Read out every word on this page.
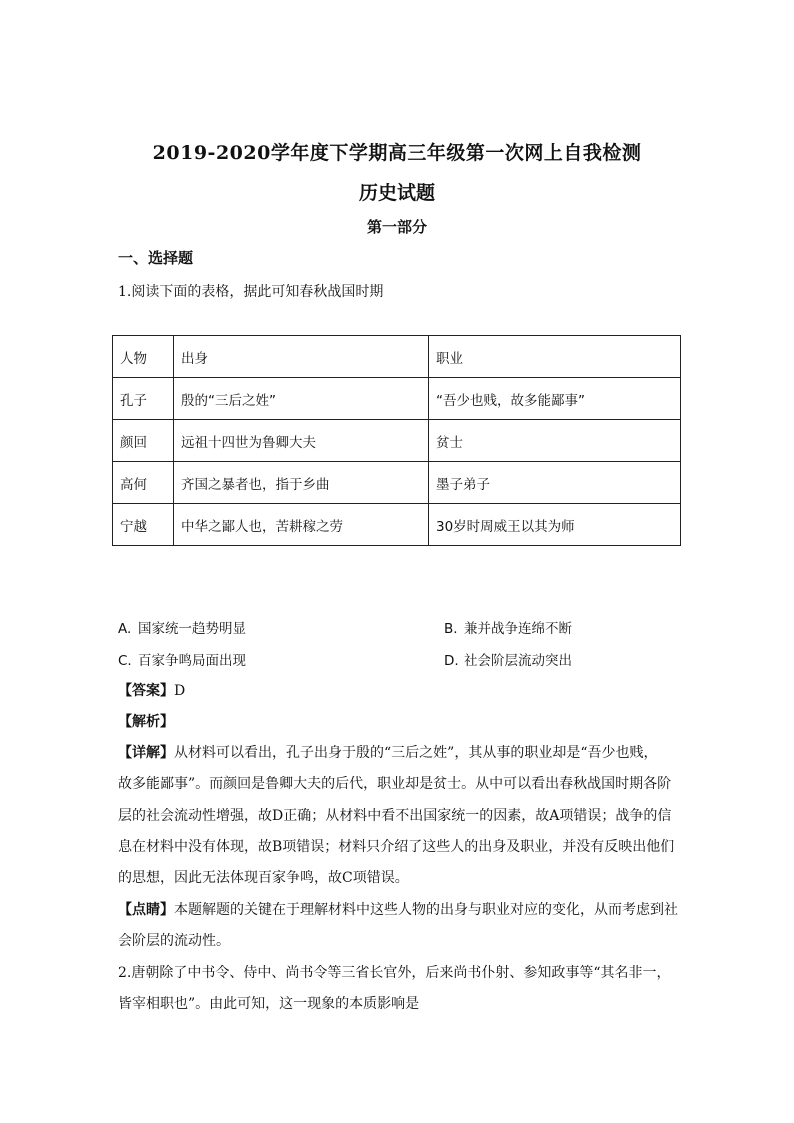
2019-2020学年度下学期高三年级第一次网上自我检测
历史试题
第一部分
一、选择题
1.阅读下面的表格，据此可知春秋战国时期
人物	出身	职业
孔子	殷的“三后之姓”	“吾少也贱，故多能鄙事”
颜回	远祖十四世为鲁卿大夫	贫士
高何	齐国之暴者也，指于乡曲	墨子弟子
宁越	中华之鄙人也，苦耕稼之劳	30岁时周威王以其为师
A. 国家统一趋势明显	B. 兼并战争连绵不断
C. 百家争鸣局面出现	D. 社会阶层流动突出
【答案】D
【解析】
【详解】从材料可以看出，孔子出身于殷的“三后之姓”，其从事的职业却是“吾少也贱，
故多能鄙事”。而颜回是鲁卿大夫的后代，职业却是贫士。从中可以看出春秋战国时期各阶
层的社会流动性增强，故D正确；从材料中看不出国家统一的因素，故A项错误；战争的信
息在材料中没有体现，故B项错误；材料只介绍了这些人的出身及职业，并没有反映出他们
的思想，因此无法体现百家争鸣，故C项错误。
【点睛】本题解题的关键在于理解材料中这些人物的出身与职业对应的变化，从而考虑到社
会阶层的流动性。
2.唐朝除了中书令、侍中、尚书令等三省长官外，后来尚书仆射、参知政事等“其名非一，
皆宰相职也”。由此可知，这一现象的本质影响是
